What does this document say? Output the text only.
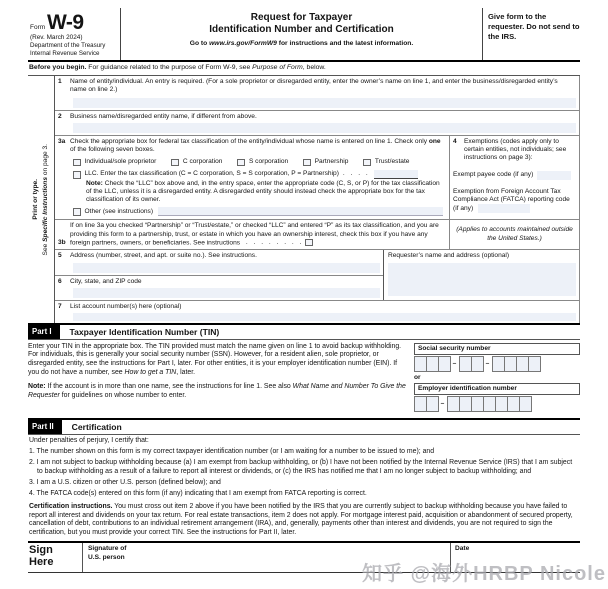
Form W-9
(Rev. March 2024)
Department of the Treasury
Internal Revenue Service
Request for Taxpayer
Identification Number and Certification
Go to www.irs.gov/FormW9 for instructions and the latest information.
Give form to the requester. Do not send to the IRS.
Before you begin. For guidance related to the purpose of Form W-9, see Purpose of Form, below.
Print or type.
See Specific Instructions on page 3.
1	Name of entity/individual. An entry is required. (For a sole proprietor or disregarded entity, enter the owner’s name on line 1, and enter the business/disregarded entity’s name on line 2.)
2	Business name/disregarded entity name, if different from above.
3a Check the appropriate box for federal tax classification of the entity/individual whose name is entered on line 1. Check only one of the following seven boxes.
Individual/sole proprietor	C corporation	S corporation	Partnership	Trust/estate
LLC. Enter the tax classification (C = C corporation, S = S corporation, P = Partnership) . . . .
Note: Check the “LLC” box above and, in the entry space, enter the appropriate code (C, S, or P) for the tax classification of the LLC, unless it is a disregarded entity. A disregarded entity should instead check the appropriate box for the tax classification of its owner.
Other (see instructions)
4	Exemptions (codes apply only to certain entities, not individuals; see instructions on page 3):
Exempt payee code (if any)
Exemption from Foreign Account Tax Compliance Act (FATCA) reporting code (if any)
3b
If on line 3a you checked “Partnership” or “Trust/estate,” or checked “LLC” and entered “P” as its tax classification, and you are providing this form to a partnership, trust, or estate in which you have an ownership interest, check this box if you have any foreign partners, owners, or beneficiaries. See instructions . . . . . . . .
(Applies to accounts maintained outside the United States.)
5	Address (number, street, and apt. or suite no.). See instructions.
6	City, state, and ZIP code
Requester’s name and address (optional)
7	List account number(s) here (optional)
Part I	Taxpayer Identification Number (TIN)
Enter your TIN in the appropriate box. The TIN provided must match the name given on line 1 to avoid backup withholding. For individuals, this is generally your social security number (SSN). However, for a resident alien, sole proprietor, or disregarded entity, see the instructions for Part I, later. For other entities, it is your employer identification number (EIN). If you do not have a number, see How to get a TIN, later.
Note: If the account is in more than one name, see the instructions for line 1. See also What Name and Number To Give the Requester for guidelines on whose number to enter.
Social security number
–	–
or
Employer identification number
–
Part II	Certification
Under penalties of perjury, I certify that:
1. The number shown on this form is my correct taxpayer identification number (or I am waiting for a number to be issued to me); and
2. I am not subject to backup withholding because (a) I am exempt from backup withholding, or (b) I have not been notified by the Internal Revenue Service (IRS) that I am subject to backup withholding as a result of a failure to report all interest or dividends, or (c) the IRS has notified me that I am no longer subject to backup withholding; and
3. I am a U.S. citizen or other U.S. person (defined below); and
4. The FATCA code(s) entered on this form (if any) indicating that I am exempt from FATCA reporting is correct.
Certification instructions. You must cross out item 2 above if you have been notified by the IRS that you are currently subject to backup withholding because you have failed to report all interest and dividends on your tax return. For real estate transactions, item 2 does not apply. For mortgage interest paid, acquisition or abandonment of secured property, cancellation of debt, contributions to an individual retirement arrangement (IRA), and, generally, payments other than interest and dividends, you are not required to sign the certification, but you must provide your correct TIN. See the instructions for Part II, later.
Sign
Here
Signature of
U.S. person
Date
知乎 @海外HRBP Nicole
